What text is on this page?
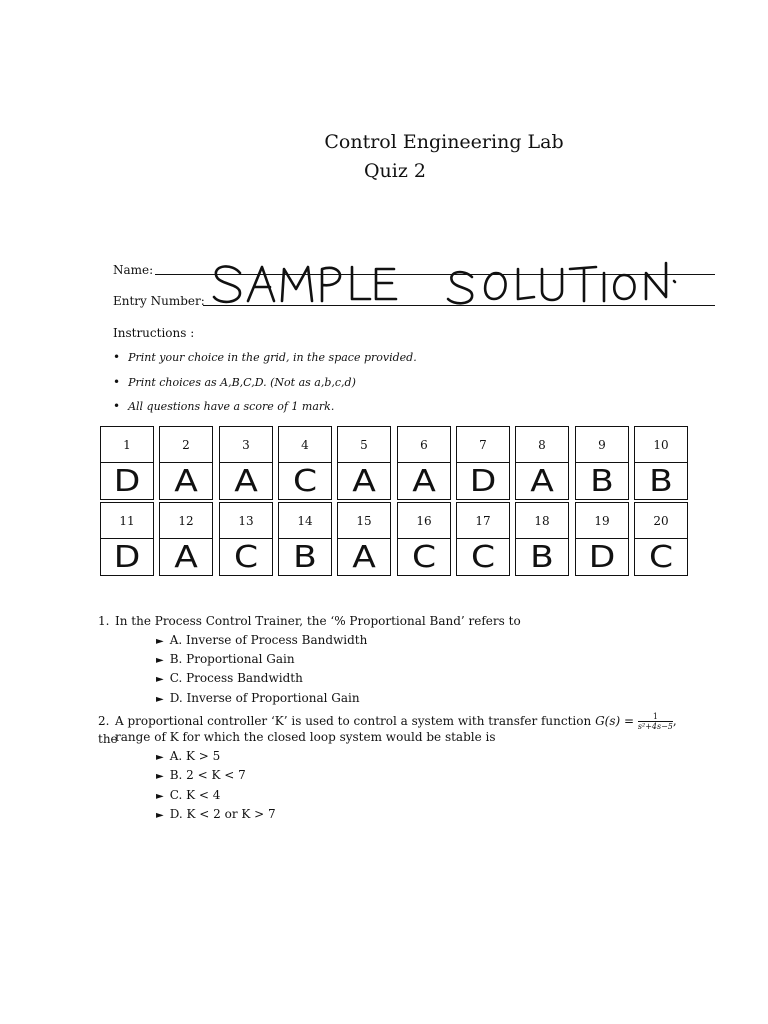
Control Engineering Lab
Quiz 2
Name:
Entry Number:
Instructions :
• Print your choice in the grid, in the space provided.
• Print choices as A,B,C,D. (Not as a,b,c,d)
• All questions have a score of 1 mark.
1
D
2
A
3
A
4
C
5
A
6
A
7
D
8
A
9
B
10
B
11
D
12
A
13
C
14
B
15
A
16
C
17
C
18
B
19
D
20
C
1. In the Process Control Trainer, the ‘% Proportional Band’ refers to
► A. Inverse of Process Bandwidth
► B. Proportional Gain
► C. Process Bandwidth
► D. Inverse of Proportional Gain
2. A proportional controller ‘K’ is used to control a system with transfer function $G(s) = \frac{1}{\text{s²+4s−5}}$ , the
range of K for which the closed loop system would be stable is
► A. K > 5
► B. 2 < K < 7
► C. K < 4
► D. K < 2 or K > 7
